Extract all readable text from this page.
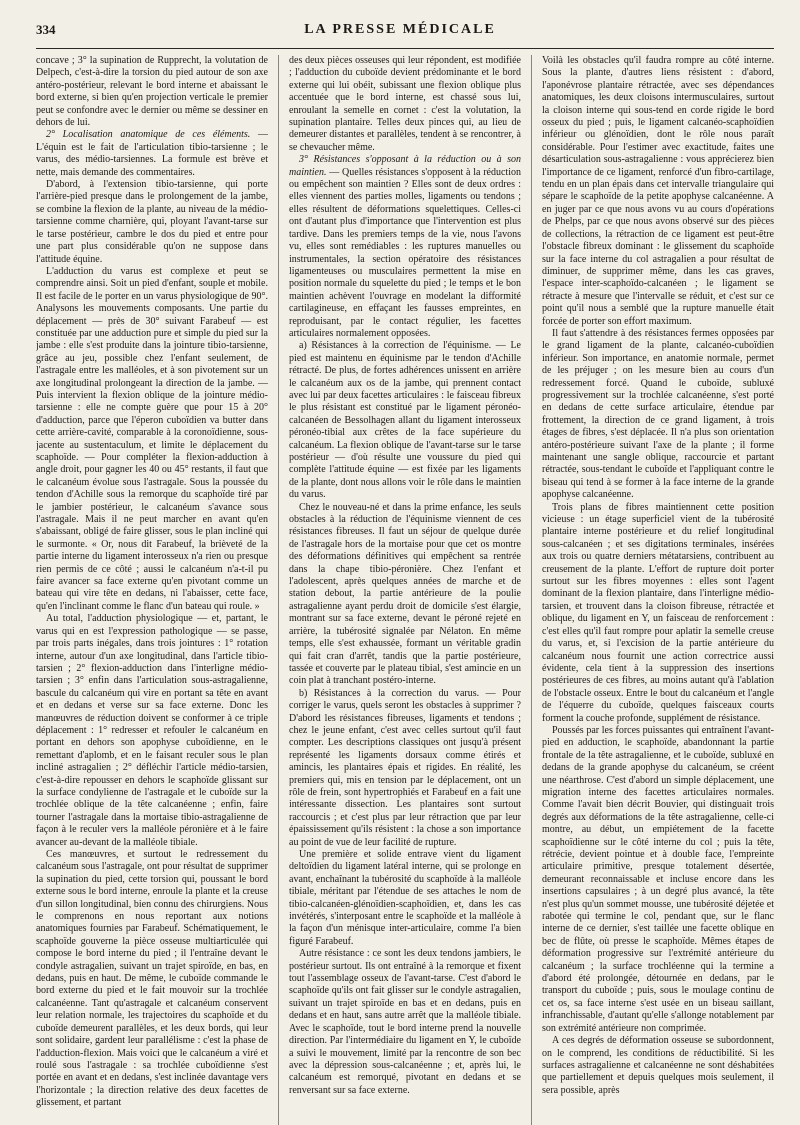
334	LA PRESSE MÉDICALE

concave ; 3° la supination de Rupprecht, la volutation de Delpech, c'est-à-dire la torsion du pied autour de son axe antéro-postérieur, relevant le bord interne et abaissant le bord externe, si bien qu'en projection verticale le premier peut se confondre avec le dernier ou même se dessiner en dehors de lui.

2° Localisation anatomique de ces éléments. — L'équin est le fait de l'articulation tibio-tarsienne ; le varus, des médio-tarsiennes. La formule est brève et nette, mais demande des commentaires.

D'abord, à l'extension tibio-tarsienne, qui porte l'arrière-pied presque dans le prolongement de la jambe, se combine la flexion de la plante, au niveau de la médio-tarsienne comme charnière, qui, ployant l'avant-tarse sur le tarse postérieur, cambre le dos du pied et entre pour une part plus considérable qu'on ne suppose dans l'attitude équine.

L'adduction du varus est complexe et peut se comprendre ainsi. Soit un pied d'enfant, souple et mobile. Il est facile de le porter en un varus physiologique de 90°. Analysons les mouvements composants. Une partie du déplacement — près de 30° suivant Farabeuf — est constituée par une adduction pure et simple du pied sur la jambe : elle s'est produite dans la jointure tibio-tarsienne, grâce au jeu, possible chez l'enfant seulement, de l'astragale entre les malléoles, et à son pivotement sur un axe longitudinal prolongeant la direction de la jambe. — Puis intervient la flexion oblique de la jointure médio-tarsienne : elle ne compte guère que pour 15 à 20° d'adduction, parce que l'éperon cuboïdien va butter dans cette arrière-cavité, comparable à la coronoïdienne, sous-jacente au sustentaculum, et limite le déplacement du scaphoïde. — Pour compléter la flexion-adduction à angle droit, pour gagner les 40 ou 45° restants, il faut que le calcanéum évolue sous l'astragale. Sous la poussée du tendon d'Achille sous la remorque du scaphoïde tiré par le jambier postérieur, le calcanéum s'avance sous l'astragale. Mais il ne peut marcher en avant qu'en s'abaissant, obligé de faire glisser, sous le plan incliné qui le surmonte. « Or, nous dit Farabeuf, la brièveté de la partie interne du ligament interosseux n'a rien ou presque rien permis de ce côté ; aussi le calcanéum n'a-t-il pu faire avancer sa face externe qu'en pivotant comme un bateau qui vire tête en dedans, ni l'abaisser, cette face, qu'en l'inclinant comme le flanc d'un bateau qui roule. »

Au total, l'adduction physiologique — et, partant, le varus qui en est l'expression pathologique — se passe, par trois parts inégales, dans trois jointures : 1° rotation interne, autour d'un axe longitudinal, dans l'article tibio-tarsien ; 2° flexion-adduction dans l'interligne médio-tarsien ; 3° enfin dans l'articulation sous-astragalienne, bascule du calcanéum qui vire en portant sa tête en avant et en dedans et verse sur sa face externe. Donc les manœuvres de réduction doivent se conformer à ce triple déplacement : 1° redresser et refouler le calcanéum en portant en dehors son apophyse cuboïdienne, en le remettant d'aplomb, et en le faisant reculer sous le plan incliné astragalien ; 2° défléchir l'article médio-tarsien, c'est-à-dire repousser en dehors le scaphoïde glissant sur la surface condylienne de l'astragale et le cuboïde sur la trochlée oblique de la tête calcanéenne ; enfin, faire tourner l'astragale dans la mortaise tibio-astragalienne de façon à le reculer vers la malléole péronière et à le faire avancer au-devant de la malléole tibiale.

Ces manœuvres, et surtout le redressement du calcanéum sous l'astragale, ont pour résultat de supprimer la supination du pied, cette torsion qui, poussant le bord externe sous le bord interne, enroule la plante et la creuse d'un sillon longitudinal, bien connu des chirurgiens. Nous le comprenons en nous reportant aux notions anatomiques fournies par Farabeuf. Schématiquement, le scaphoïde gouverne la pièce osseuse multiarticulée qui compose le bord interne du pied ; il l'entraîne devant le condyle astragalien, suivant un trajet spiroïde, en bas, en dedans, puis en haut. De même, le cuboïde commande le bord externe du pied et le fait mouvoir sur la trochlée calcanéenne. Tant qu'astragale et calcanéum conservent leur relation normale, les trajectoires du scaphoïde et du cuboïde demeurent parallèles, et les deux bords, qui leur sont solidaire, gardent leur parallélisme : c'est la phase de l'adduction-flexion. Mais voici que le calcanéum a viré et roulé sous l'astragale : sa trochlée cuboïdienne s'est portée en avant et en dedans, s'est inclinée davantage vers l'horizontale ; la direction relative des deux facettes de glissement, et partant

des deux pièces osseuses qui leur répondent, est modifiée ; l'adduction du cuboïde devient prédominante et le bord externe qui lui obéit, subissant une flexion oblique plus accentuée que le bord interne, est chassé sous lui, enroulant la semelle en cornet : c'est la volutation, la supination plantaire. Telles deux pinces qui, au lieu de demeurer distantes et parallèles, tendent à se rencontrer, à se chevaucher même.

3° Résistances s'opposant à la réduction ou à son maintien. — Quelles résistances s'opposent à la réduction ou empêchent son maintien ? Elles sont de deux ordres : elles viennent des parties molles, ligaments ou tendons ; elles résultent de déformations squelettiques. Celles-ci ont d'autant plus d'importance que l'intervention est plus tardive. Dans les premiers temps de la vie, nous l'avons vu, elles sont remédiables : les ruptures manuelles ou instrumentales, la section opératoire des résistances ligamenteuses ou musculaires permettent la mise en position normale du squelette du pied ; le temps et le bon maintien achèvent l'ouvrage en modelant la difformité cartilagineuse, en effaçant les fausses empreintes, en reproduisant, par le contact régulier, les facettes articulaires normalement opposées.

a) Résistances à la correction de l'équinisme. — Le pied est maintenu en équinisme par le tendon d'Achille rétracté. De plus, de fortes adhérences unissent en arrière le calcanéum aux os de la jambe, qui prennent contact avec lui par deux facettes articulaires : le faisceau fibreux le plus résistant est constitué par le ligament péronéo-calcanéen de Bessolhagen allant du ligament interosseux péronéo-tibial aux crêtes de la face supérieure du calcanéum. La flexion oblique de l'avant-tarse sur le tarse postérieur — d'où résulte une voussure du pied qui complète l'attitude équine — est fixée par les ligaments de la plante, dont nous allons voir le rôle dans le maintien du varus.

Chez le nouveau-né et dans la prime enfance, les seuls obstacles à la réduction de l'équinisme viennent de ces résistances fibreuses. Il faut un séjour de quelque durée de l'astragale hors de la mortaise pour que cet os montre des déformations définitives qui empêchent sa rentrée dans la chape tibio-péronière. Chez l'enfant et l'adolescent, après quelques années de marche et de station debout, la partie antérieure de la poulie astragalienne ayant perdu droit de domicile s'est élargie, montrant sur sa face externe, devant le péroné rejeté en arrière, la tubérosité signalée par Nélaton. En même temps, elle s'est exhaussée, formant un véritable gradin qui fait cran d'arrêt, tandis que la partie postérieure, tassée et couverte par le plateau tibial, s'est amincie en un coin plat à tranchant postéro-interne.

b) Résistances à la correction du varus. — Pour corriger le varus, quels seront les obstacles à supprimer ? D'abord les résistances fibreuses, ligaments et tendons ; chez le jeune enfant, c'est avec celles surtout qu'il faut compter. Les descriptions classiques ont jusqu'à présent représenté les ligaments dorsaux comme étirés et amincis, les plantaires épais et rigides. En réalité, les premiers qui, mis en tension par le déplacement, ont un rôle de frein, sont hypertrophiés et Farabeuf en a fait une intéressante dissection. Les plantaires sont surtout raccourcis ; et c'est plus par leur rétraction que par leur épaississement qu'ils résistent : la chose a son importance au point de vue de leur facilité de rupture.

Une première et solide entrave vient du ligament deltoïdien du ligament latéral interne, qui se prolonge en avant, enchaînant la tubérosité du scaphoïde à la malléole tibiale, méritant par l'étendue de ses attaches le nom de tibio-calcanéen-glénoïdien-scaphoïdien, et, dans les cas invétérés, s'interposant entre le scaphoïde et la malléole à la façon d'un ménisque inter-articulaire, comme l'a bien figuré Farabeuf.

Autre résistance : ce sont les deux tendons jambiers, le postérieur surtout. Ils ont entraîné à la remorque et fixent tout l'assemblage osseux de l'avant-tarse. C'est d'abord le scaphoïde qu'ils ont fait glisser sur le condyle astragalien, suivant un trajet spiroïde en bas et en dedans, puis en dedans et en haut, sans autre arrêt que la malléole tibiale. Avec le scaphoïde, tout le bord interne prend la nouvelle direction. Par l'intermédiaire du ligament en Y, le cuboïde a suivi le mouvement, limité par la rencontre de son bec avec la dépression sous-calcanéenne ; et, après lui, le calcanéum est remorqué, pivotant en dedans et se renversant sur sa face externe.

Voilà les obstacles qu'il faudra rompre au côté interne. Sous la plante, d'autres liens résistent : d'abord, l'aponévrose plantaire rétractée, avec ses dépendances anatomiques, les deux cloisons intermusculaires, surtout la cloison interne qui sous-tend en corde rigide le bord osseux du pied ; puis, le ligament calcanéo-scaphoïdien inférieur ou glénoïdien, dont le rôle nous paraît considérable. Pour l'estimer avec exactitude, faites une désarticulation sous-astragalienne : vous apprécierez bien l'importance de ce ligament, renforcé d'un fibro-cartilage, tendu en un plan épais dans cet intervalle triangulaire qui sépare le scaphoïde de la petite apophyse calcanéenne. A en juger par ce que nous avons vu au cours d'opérations de Phelps, par ce que nous avons observé sur des pièces de collections, la rétraction de ce ligament est peut-être l'obstacle fibreux dominant : le glissement du scaphoïde sur la face interne du col astragalien a pour résultat de diminuer, de supprimer même, dans les cas graves, l'espace inter-scaphoïdo-calcanéen ; le ligament se rétracte à mesure que l'intervalle se réduit, et c'est sur ce point qu'il nous a semblé que la rupture manuelle était forcée de porter son effort maximum.

Il faut s'attendre à des résistances fermes opposées par le grand ligament de la plante, calcanéo-cuboïdien inférieur. Son importance, en anatomie normale, permet de les préjuger ; on les mesure bien au cours d'un redressement forcé. Quand le cuboïde, subluxé progressivement sur la trochlée calcanéenne, s'est porté en dedans de cette surface articulaire, étendue par frottement, la direction de ce grand ligament, à trois étages de fibres, s'est déplacée. Il n'a plus son orientation antéro-postérieure suivant l'axe de la plante ; il forme maintenant une sangle oblique, raccourcie et partant rétractée, sous-tendant le cuboïde et l'appliquant contre le biseau qui tend à se former à la face interne de la grande apophyse calcanéenne.

Trois plans de fibres maintiennent cette position vicieuse : un étage superficiel vient de la tubérosité plantaire interne postérieure et du relief longitudinal sous-calcanéen ; et ses digitations terminales, insérées aux trois ou quatre derniers métatarsiens, contribuent au creusement de la plante. L'effort de rupture doit porter surtout sur les fibres moyennes : elles sont l'agent dominant de la flexion plantaire, dans l'interligne médio-tarsien, et trouvent dans la cloison fibreuse, rétractée et oblique, du ligament en Y, un faisceau de renforcement : c'est elles qu'il faut rompre pour aplatir la semelle creuse du varus, et, si l'excision de la partie antérieure du calcanéum nous fournit une action correctrice aussi évidente, cela tient à la suppression des insertions postérieures de ces fibres, au moins autant qu'à l'ablation de l'obstacle osseux. Entre le bout du calcanéum et l'angle de l'équerre du cuboïde, quelques faisceaux courts forment la couche profonde, supplément de résistance.

Poussés par les forces puissantes qui entraînent l'avant-pied en adduction, le scaphoïde, abandonnant la partie frontale de la tête astragalienne, et le cuboïde, subluxé en dedans de la grande apophyse du calcanéum, se créent une néarthrose. C'est d'abord un simple déplacement, une migration interne des facettes articulaires normales. Comme l'avait bien décrit Bouvier, qui distinguait trois degrés aux déformations de la tête astragalienne, celle-ci montre, au début, un empiétement de la facette scaphoïdienne sur le côté interne du col ; puis la tête, rétrécie, devient pointue et à double face, l'empreinte articulaire primitive, presque totalement désertée, demeurant reconnaissable et incluse encore dans les insertions capsulaires ; à un degré plus avancé, la tête n'est plus qu'un sommet mousse, une tubérosité déjetée et rabotée qui termine le col, pendant que, sur le flanc interne de ce dernier, s'est taillée une facette oblique en bec de flûte, où presse le scaphoïde. Mêmes étapes de déformation progressive sur l'extrémité antérieure du calcanéum ; la surface trochléenne qui la termine a d'abord été prolongée, détournée en dedans, par le transport du cuboïde ; puis, sous le moulage continu de cet os, sa face interne s'est usée en un biseau saillant, infranchissable, d'autant qu'elle s'allonge notablement par son extrémité antérieure non comprimée.

A ces degrés de déformation osseuse se subordonnent, on le comprend, les conditions de réductibilité. Si les surfaces astragalienne et calcanéenne ne sont déshabitées que partiellement et depuis quelques mois seulement, il sera possible, après
